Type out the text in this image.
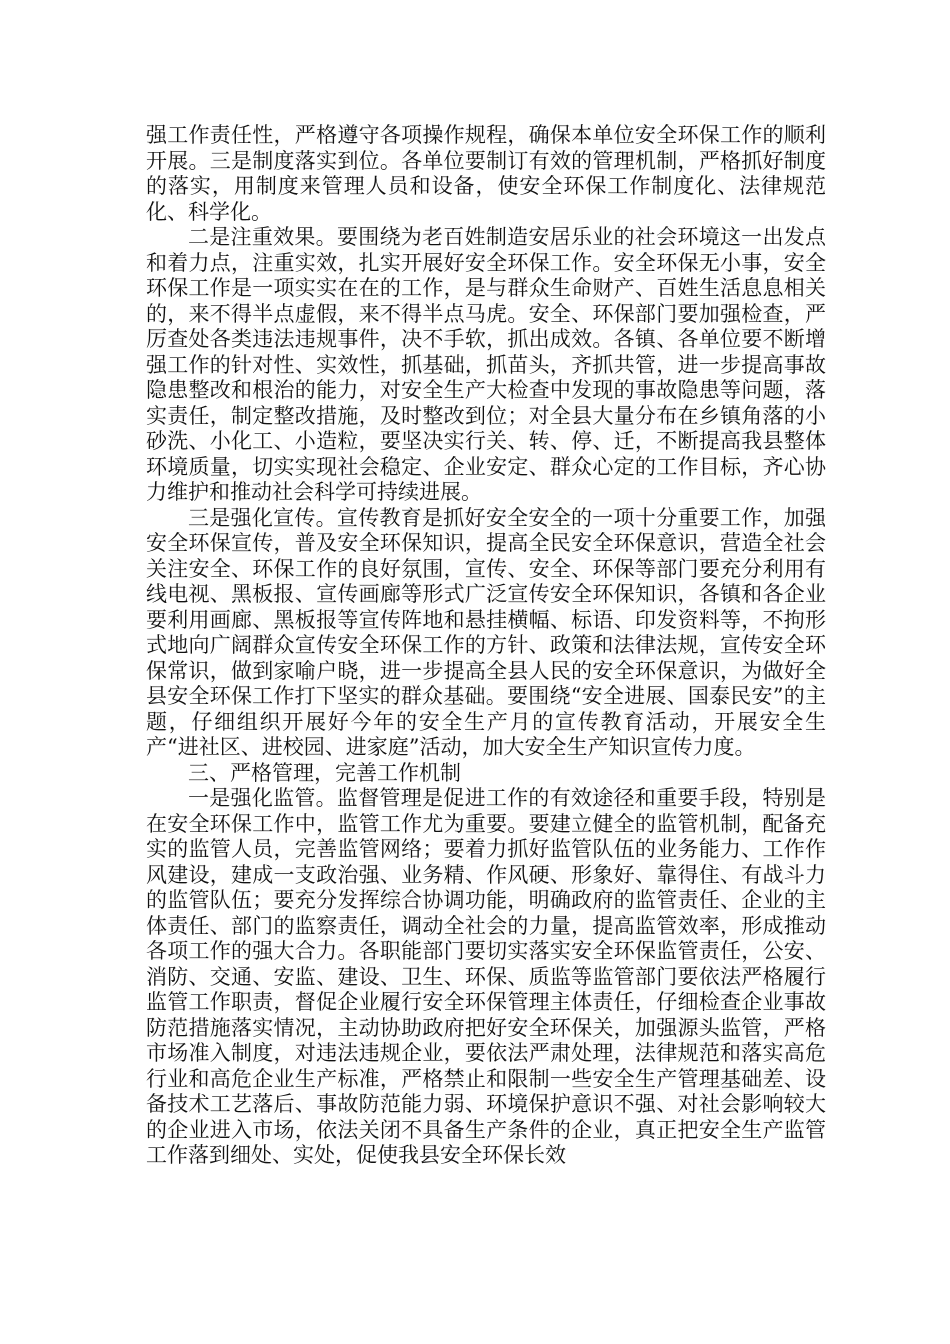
强工作责任性，严格遵守各项操作规程，确保本单位安全环保工作的顺利开展。三是制度落实到位。各单位要制订有效的管理机制，严格抓好制度的落实，用制度来管理人员和设备，使安全环保工作制度化、法律规范化、科学化。

二是注重效果。要围绕为老百姓制造安居乐业的社会环境这一出发点和着力点，注重实效，扎实开展好安全环保工作。安全环保无小事，安全环保工作是一项实实在在的工作，是与群众生命财产、百姓生活息息相关的，来不得半点虚假，来不得半点马虎。安全、环保部门要加强检查，严厉查处各类违法违规事件，决不手软，抓出成效。各镇、各单位要不断增强工作的针对性、实效性，抓基础，抓苗头，齐抓共管，进一步提高事故隐患整改和根治的能力，对安全生产大检查中发现的事故隐患等问题，落实责任，制定整改措施，及时整改到位；对全县大量分布在乡镇角落的小砂洗、小化工、小造粒，要坚决实行关、转、停、迁，不断提高我县整体环境质量，切实实现社会稳定、企业安定、群众心定的工作目标，齐心协力维护和推动社会科学可持续进展。

三是强化宣传。宣传教育是抓好安全安全的一项十分重要工作，加强安全环保宣传，普及安全环保知识，提高全民安全环保意识，营造全社会关注安全、环保工作的良好氛围，宣传、安全、环保等部门要充分利用有线电视、黑板报、宣传画廊等形式广泛宣传安全环保知识，各镇和各企业要利用画廊、黑板报等宣传阵地和悬挂横幅、标语、印发资料等，不拘形式地向广阔群众宣传安全环保工作的方针、政策和法律法规，宣传安全环保常识，做到家喻户晓，进一步提高全县人民的安全环保意识，为做好全县安全环保工作打下坚实的群众基础。要围绕“安全进展、国泰民安”的主题，仔细组织开展好今年的安全生产月的宣传教育活动，开展安全生产“进社区、进校园、进家庭”活动，加大安全生产知识宣传力度。

三、严格管理，完善工作机制

一是强化监管。监督管理是促进工作的有效途径和重要手段，特别是在安全环保工作中，监管工作尤为重要。要建立健全的监管机制，配备充实的监管人员，完善监管网络；要着力抓好监管队伍的业务能力、工作作风建设，建成一支政治强、业务精、作风硬、形象好、靠得住、有战斗力的监管队伍；要充分发挥综合协调功能，明确政府的监管责任、企业的主体责任、部门的监察责任，调动全社会的力量，提高监管效率，形成推动各项工作的强大合力。各职能部门要切实落实安全环保监管责任，公安、消防、交通、安监、建设、卫生、环保、质监等监管部门要依法严格履行监管工作职责，督促企业履行安全环保管理主体责任，仔细检查企业事故防范措施落实情况，主动协助政府把好安全环保关，加强源头监管，严格市场准入制度，对违法违规企业，要依法严肃处理，法律规范和落实高危行业和高危企业生产标准，严格禁止和限制一些安全生产管理基础差、设备技术工艺落后、事故防范能力弱、环境保护意识不强、对社会影响较大的企业进入市场，依法关闭不具备生产条件的企业，真正把安全生产监管工作落到细处、实处，促使我县安全环保长效
